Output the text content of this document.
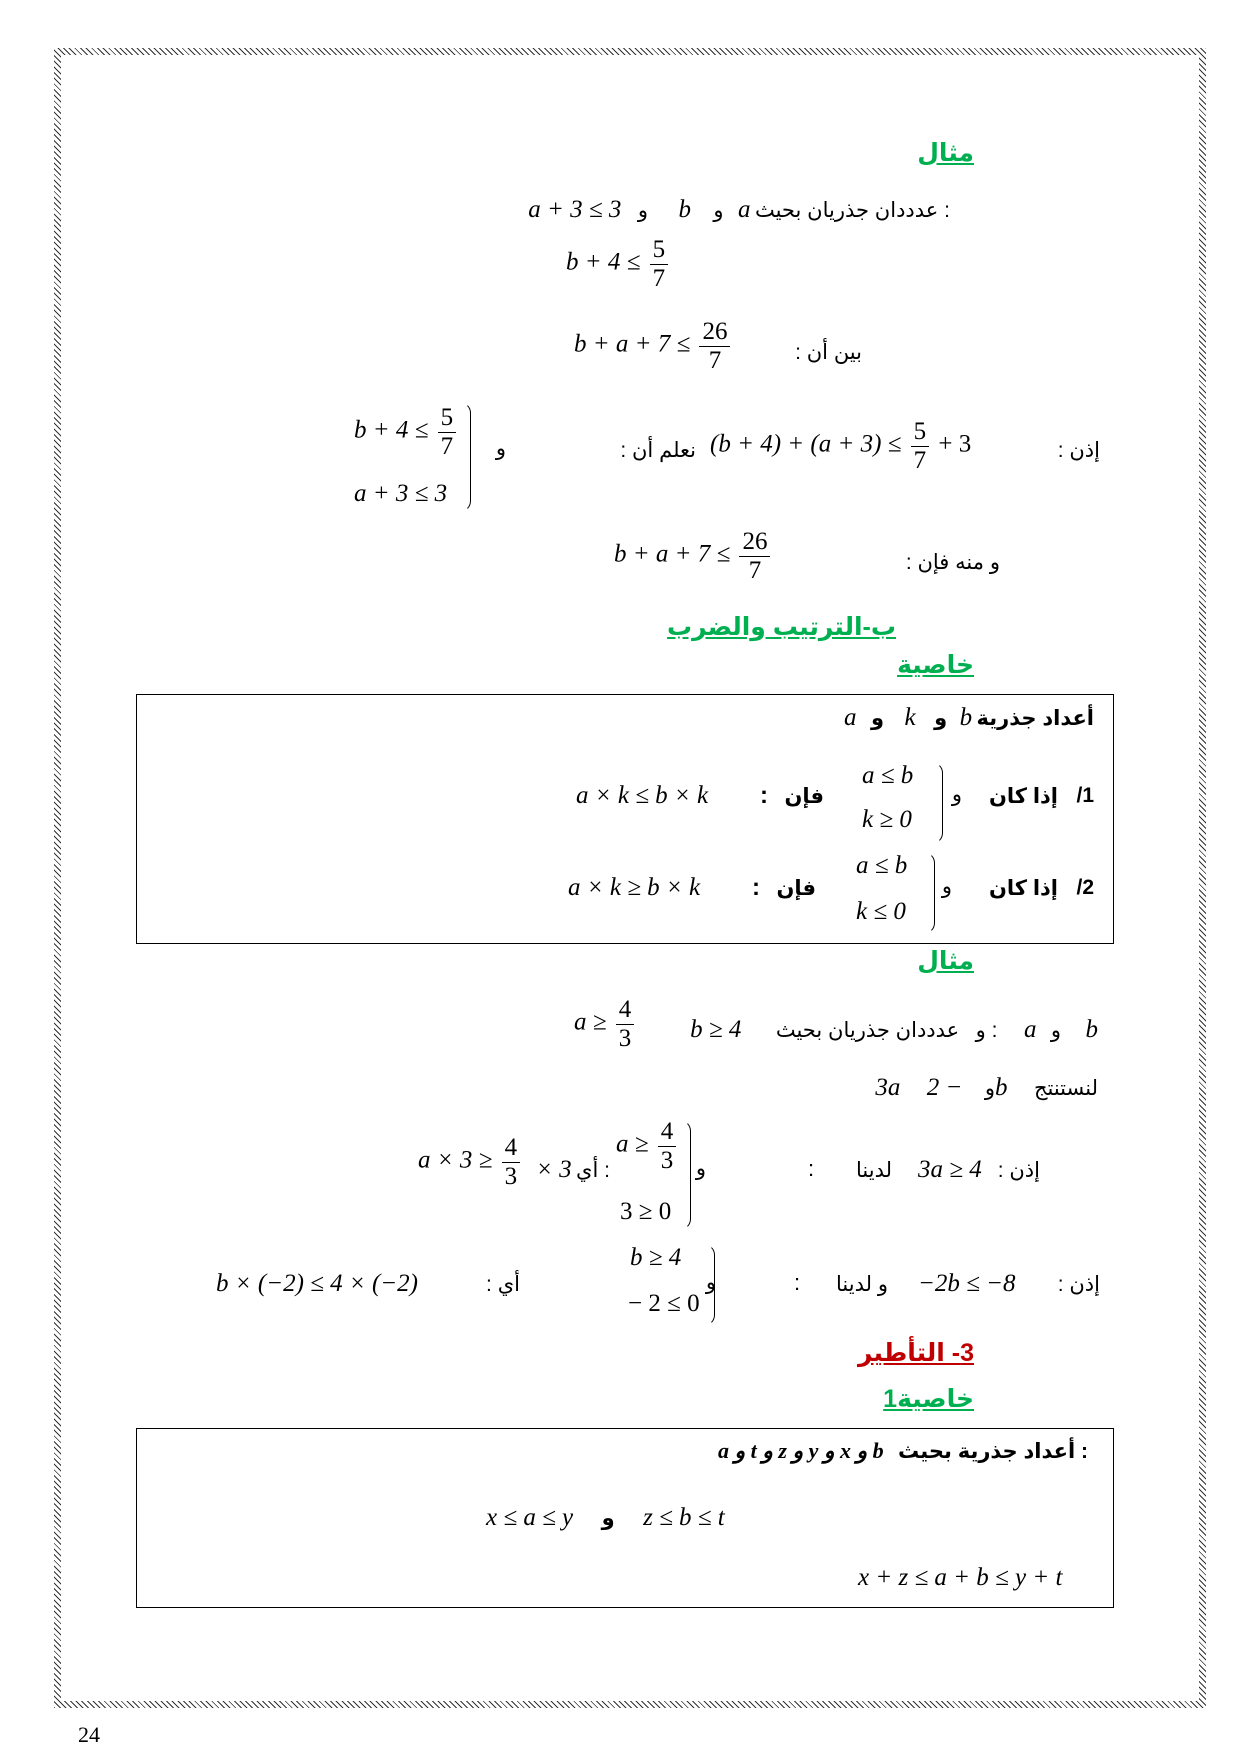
مثال
a + 3 ≤ 3 و b و a عدددان جذريان بحيث :
$b + 4 \le \frac{5}{7}$
$b + a + 7 \le \frac{26}{7}$	بين أن :
إذن :
$(b + 4) + (a + 3) \le \frac{5}{7} + 3$
نعلم أن :
و
$b + 4 \le \frac{5}{7}$
a + 3 ≤ 3
و منه فإن :
$b + a + 7 \le \frac{26}{7}$
ب-الترتيب والضرب
خاصية
a و k و b أعداد جذرية
1/
إذا كان
و
a ≤ b
k ≥ 0
فإن
:
a × k ≤ b × k
2/
إذا كان
و
a ≤ b
k ≤ 0
فإن
:
a × k ≥ b × k
مثال
b ≥ 4	و عدددان جذريان بحيث : a و b
$a \ge \frac{4}{3}$
3a	و − 2b لنستنتج
إذن :
3a ≥ 4
لدينا
:
و
$a \ge \frac{4}{3}$
3 ≥ 0
× 3 أي :
$a \times 3 \ge \frac{4}{3}$
إذن :
−2b ≤ −8
و لدينا
:
و
b ≥ 4
− 2 ≤ 0
أي :
b × (−2) ≤ 4 × (−2)
3- التأطير
خاصية1
a و t و z و y و x و b أعداد جذرية بحيث :
x ≤ a ≤ y و z ≤ b ≤ t
x + z ≤ a + b ≤ y + t
24
